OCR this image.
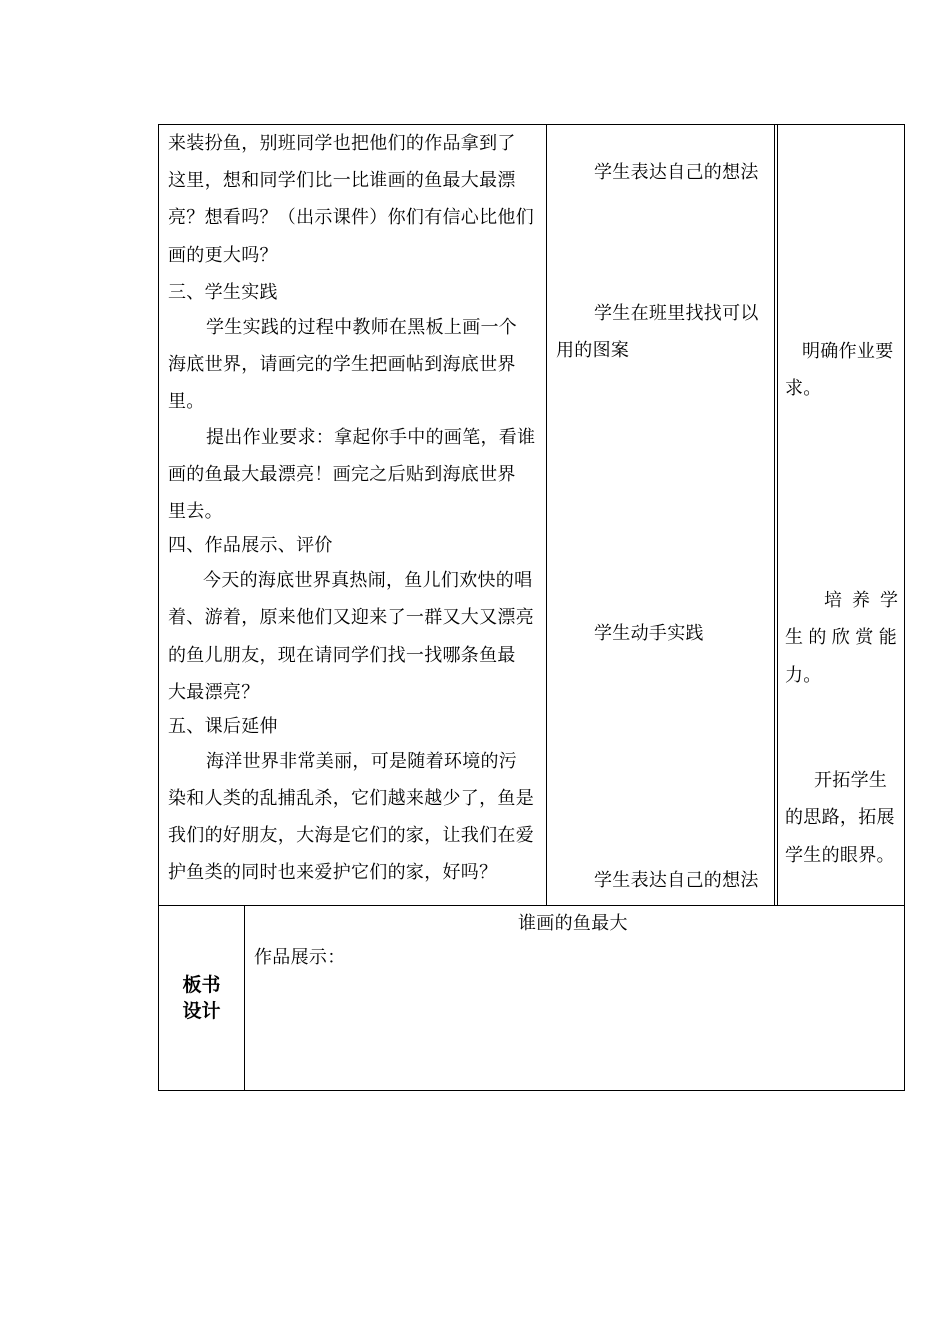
来装扮鱼，别班同学也把他们的作品拿到了
这里，想和同学们比一比谁画的鱼最大最漂
亮？想看吗？（出示课件）你们有信心比他们
画的更大吗？
三、学生实践
学生实践的过程中教师在黑板上画一个
海底世界，请画完的学生把画帖到海底世界
里。
提出作业要求：拿起你手中的画笔，看谁
画的鱼最大最漂亮！画完之后贴到海底世界
里去。
四、作品展示、评价
今天的海底世界真热闹，鱼儿们欢快的唱
着、游着，原来他们又迎来了一群又大又漂亮
的鱼儿朋友，现在请同学们找一找哪条鱼最
大最漂亮？
五、课后延伸
海洋世界非常美丽，可是随着环境的污
染和人类的乱捕乱杀，它们越来越少了，鱼是
我们的好朋友，大海是它们的家，让我们在爱
护鱼类的同时也来爱护它们的家，好吗？
学生表达自己的想法
学生在班里找找可以
用的图案
学生动手实践
学生表达自己的想法
明确作业要
求。
培养学
生的欣赏能
力。
开拓学生
的思路，拓展
学生的眼界。
板书
设计
谁画的鱼最大
作品展示：
